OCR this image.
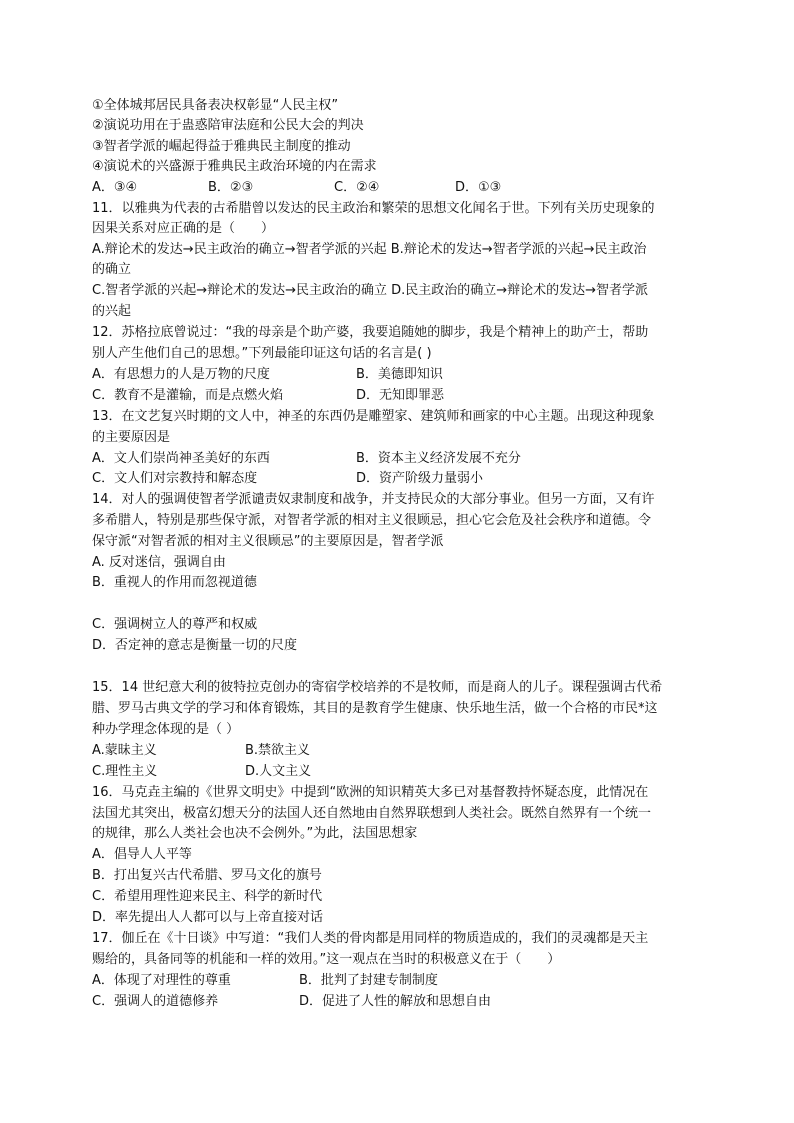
①全体城邦居民具备表决权彰显“人民主权”
②演说功用在于蛊惑陪审法庭和公民大会的判决
③智者学派的崛起得益于雅典民主制度的推动
④演说术的兴盛源于雅典民主政治环境的内在需求
A．③④	B．②③	C．②④	D．①③
11．以雅典为代表的古希腊曾以发达的民主政治和繁荣的思想文化闻名于世。下列有关历史现象的
因果关系对应正确的是（　　）
A.辩论术的发达→民主政治的确立→智者学派的兴起 B.辩论术的发达→智者学派的兴起→民主政治
的确立
C.智者学派的兴起→辩论术的发达→民主政治的确立 D.民主政治的确立→辩论术的发达→智者学派
的兴起
12．苏格拉底曾说过：“我的母亲是个助产婆，我要追随她的脚步，我是个精神上的助产士，帮助
别人产生他们自己的思想。”下列最能印证这句话的名言是( )
A．有思想力的人是万物的尺度	B．美德即知识
C．教育不是灌输，而是点燃火焰	D．无知即罪恶
13．在文艺复兴时期的文人中，神圣的东西仍是雕塑家、建筑师和画家的中心主题。出现这种现象
的主要原因是
A．文人们崇尚神圣美好的东西	B．资本主义经济发展不充分
C．文人们对宗教持和解态度	D．资产阶级力量弱小
14．对人的强调使智者学派谴责奴隶制度和战争，并支持民众的大部分事业。但另一方面，又有许
多希腊人，特别是那些保守派，对智者学派的相对主义很顾忌，担心它会危及社会秩序和道德。令
保守派“对智者派的相对主义很顾忌”的主要原因是，智者学派
A. 反对迷信，强调自由
B．重视人的作用而忽视道德
C．强调树立人的尊严和权威
D．否定神的意志是衡量一切的尺度
15．14 世纪意大利的彼特拉克创办的寄宿学校培养的不是牧师，而是商人的儿子。课程强调古代希
腊、罗马古典文学的学习和体育锻炼，其目的是教育学生健康、快乐地生活，做一个合格的市民*这
种办学理念体现的是（ ）
A.蒙昧主义	B.禁欲主义
C.理性主义	D.人文主义
16．马克垚主编的《世界文明史》中提到“欧洲的知识精英大多已对基督教持怀疑态度，此情况在
法国尤其突出，极富幻想天分的法国人还自然地由自然界联想到人类社会。既然自然界有一个统一
的规律，那么人类社会也决不会例外。”为此，法国思想家
A．倡导人人平等
B．打出复兴古代希腊、罗马文化的旗号
C．希望用理性迎来民主、科学的新时代
D．率先提出人人都可以与上帝直接对话
17．伽丘在《十日谈》中写道：“我们人类的骨肉都是用同样的物质造成的，我们的灵魂都是天主
赐给的，具备同等的机能和一样的效用。”这一观点在当时的积极意义在于（　　）
A．体现了对理性的尊重	B．批判了封建专制制度
C．强调人的道德修养	D．促进了人性的解放和思想自由
